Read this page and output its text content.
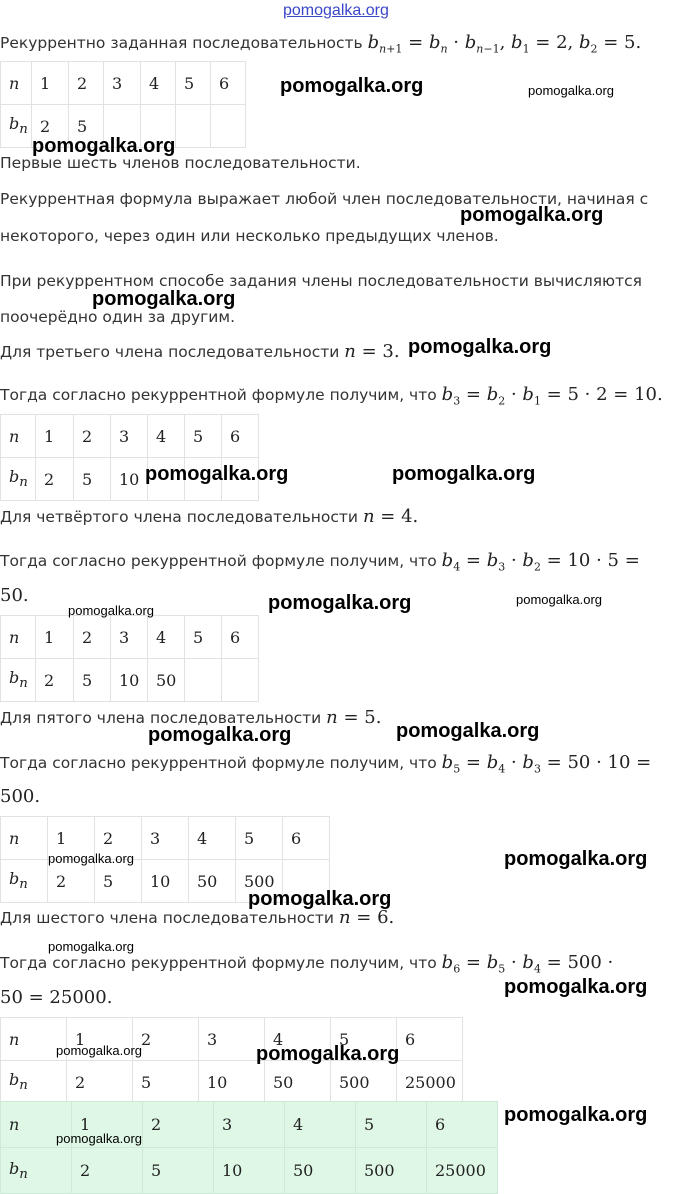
pomogalka.org
Рекуррентно заданная последовательность $b_{n+1} = b_n \cdot b_{n-1}$, $b_1 = 2$, $b_2 = 5$.
n	1	2	3	4	5	6
$b_n$	2	5				
Первые шесть членов последовательности.
Рекуррентная формула выражает любой член последовательности, начиная с
некоторого, через один или несколько предыдущих членов.
При рекуррентном способе задания члены последовательности вычисляются
поочерёдно один за другим.
Для третьего члена последовательности n = 3.
Тогда согласно рекуррентной формуле получим, что $b_3 = b_2 \cdot b_1 = 5 \cdot 2 = 10$.
n	1	2	3	4	5	6
$b_n$	2	5	10			
Для четвёртого члена последовательности n = 4.
Тогда согласно рекуррентной формуле получим, что $b_4 = b_3 \cdot b_2 = 10 \cdot 5$ =
50.
n	1	2	3	4	5	6
$b_n$	2	5	10	50		
Для пятого члена последовательности n = 5.
Тогда согласно рекуррентной формуле получим, что $b_5 = b_4 \cdot b_3 = 50 \cdot 10$ =
500.
n	1	2	3	4	5	6
$b_n$	2	5	10	50	500	
Для шестого члена последовательности n = 6.
Тогда согласно рекуррентной формуле получим, что $b_6 = b_5 \cdot b_4 = 500$ ·
50 = 25000.
n	1	2	3	4	5	6
$b_n$	2	5	10	50	500	25000
n	1	2	3	4	5	6
$b_n$	2	5	10	50	500	25000
pomogalka.org	pomogalka.org
pomogalka.org
pomogalka.org
pomogalka.org
pomogalka.org
pomogalka.org	pomogalka.org
pomogalka.org	pomogalka.org	pomogalka.org
pomogalka.org
pomogalka.org
pomogalka.org	pomogalka.org
pomogalka.org
pomogalka.org
pomogalka.org
pomogalka.org	pomogalka.org
pomogalka.org
pomogalka.org
